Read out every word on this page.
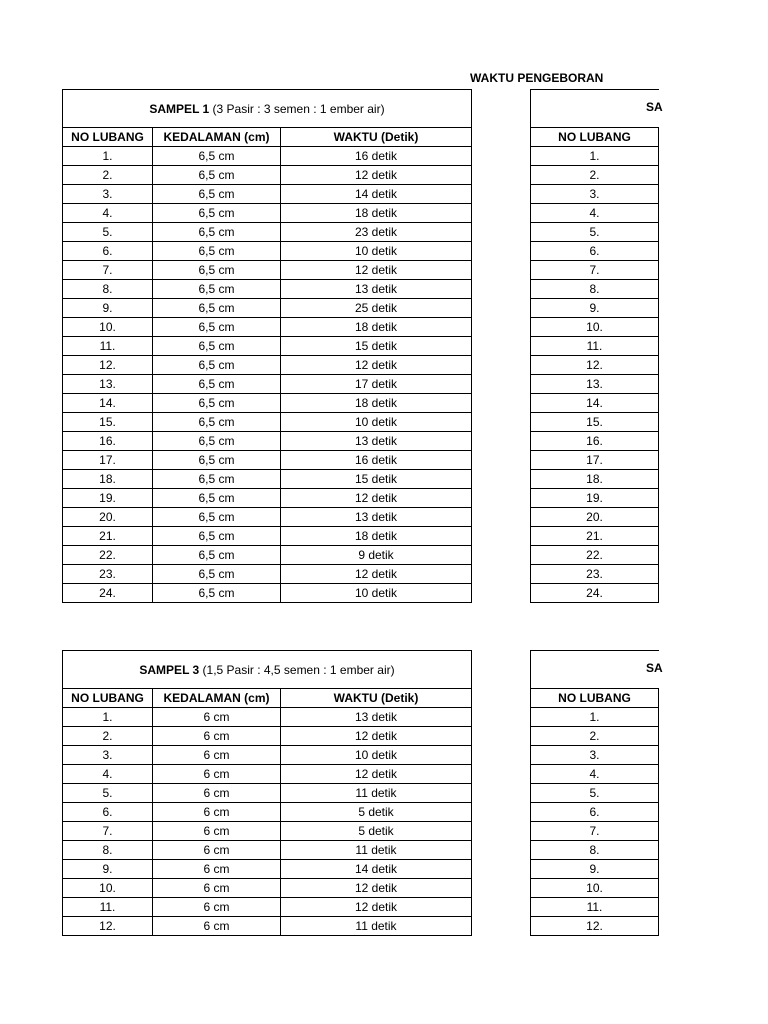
WAKTU PENGEBORAN
SAMPEL 1 (3 Pasir : 3 semen : 1 ember air)		
NO LUBANG	KEDALAMAN (cm)	WAKTU (Detik)
1.	6,5 cm	16 detik
2.	6,5 cm	12 detik
3.	6,5 cm	14 detik
4.	6,5 cm	18 detik
5.	6,5 cm	23 detik
6.	6,5 cm	10 detik
7.	6,5 cm	12 detik
8.	6,5 cm	13 detik
9.	6,5 cm	25 detik
10.	6,5 cm	18 detik
11.	6,5 cm	15 detik
12.	6,5 cm	12 detik
13.	6,5 cm	17 detik
14.	6,5 cm	18 detik
15.	6,5 cm	10 detik
16.	6,5 cm	13 detik
17.	6,5 cm	16 detik
18.	6,5 cm	15 detik
19.	6,5 cm	12 detik
20.	6,5 cm	13 detik
21.	6,5 cm	18 detik
22.	6,5 cm	9 detik
23.	6,5 cm	12 detik
24.	6,5 cm	10 detik

NO LUBANG	
1.	
2.	
3.	
4.	
5.	
6.	
7.	
8.	
9.	
10.	
11.	
12.	
13.	
14.	
15.	
16.	
17.	
18.	
19.	
20.	
21.	
22.	
23.	
24.	
SA
SAMPEL 3 (1,5 Pasir : 4,5 semen : 1 ember air)		
NO LUBANG	KEDALAMAN (cm)	WAKTU (Detik)
1.	6 cm	13 detik
2.	6 cm	12 detik
3.	6 cm	10 detik
4.	6 cm	12 detik
5.	6 cm	11 detik
6.	6 cm	5 detik
7.	6 cm	5 detik
8.	6 cm	11 detik
9.	6 cm	14 detik
10.	6 cm	12 detik
11.	6 cm	12 detik
12.	6 cm	11 detik

NO LUBANG	
1.	
2.	
3.	
4.	
5.	
6.	
7.	
8.	
9.	
10.	
11.	
12.	
SA
